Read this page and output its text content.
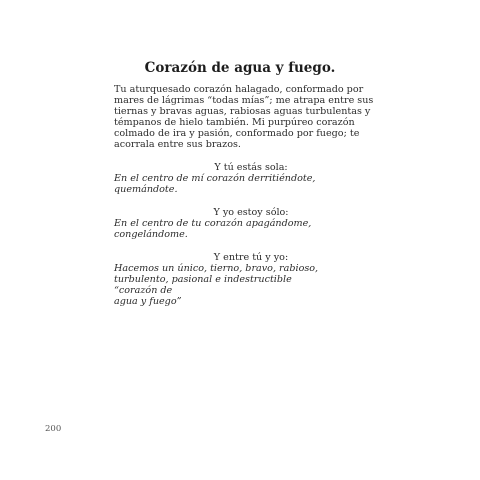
Corazón de agua y fuego.

Tu aturquesado corazón halagado, conformado por
mares de lágrimas “todas mías”; me atrapa entre sus
tiernas y bravas aguas, rabiosas aguas turbulentas y
témpanos de hielo también. Mi purpúreo corazón
colmado de ira y pasión, conformado por fuego; te
acorrala entre sus brazos.

Y tú estás sola:
En el centro de mí corazón derritiéndote,
quemándote.
Y yo estoy sólo:
En el centro de tu corazón apagándome,
congelándome.
Y entre tú y yo:
Hacemos un único, tierno, bravo, rabioso,
turbulento, pasional e indestructible “corazón de
agua y fuego”
200
